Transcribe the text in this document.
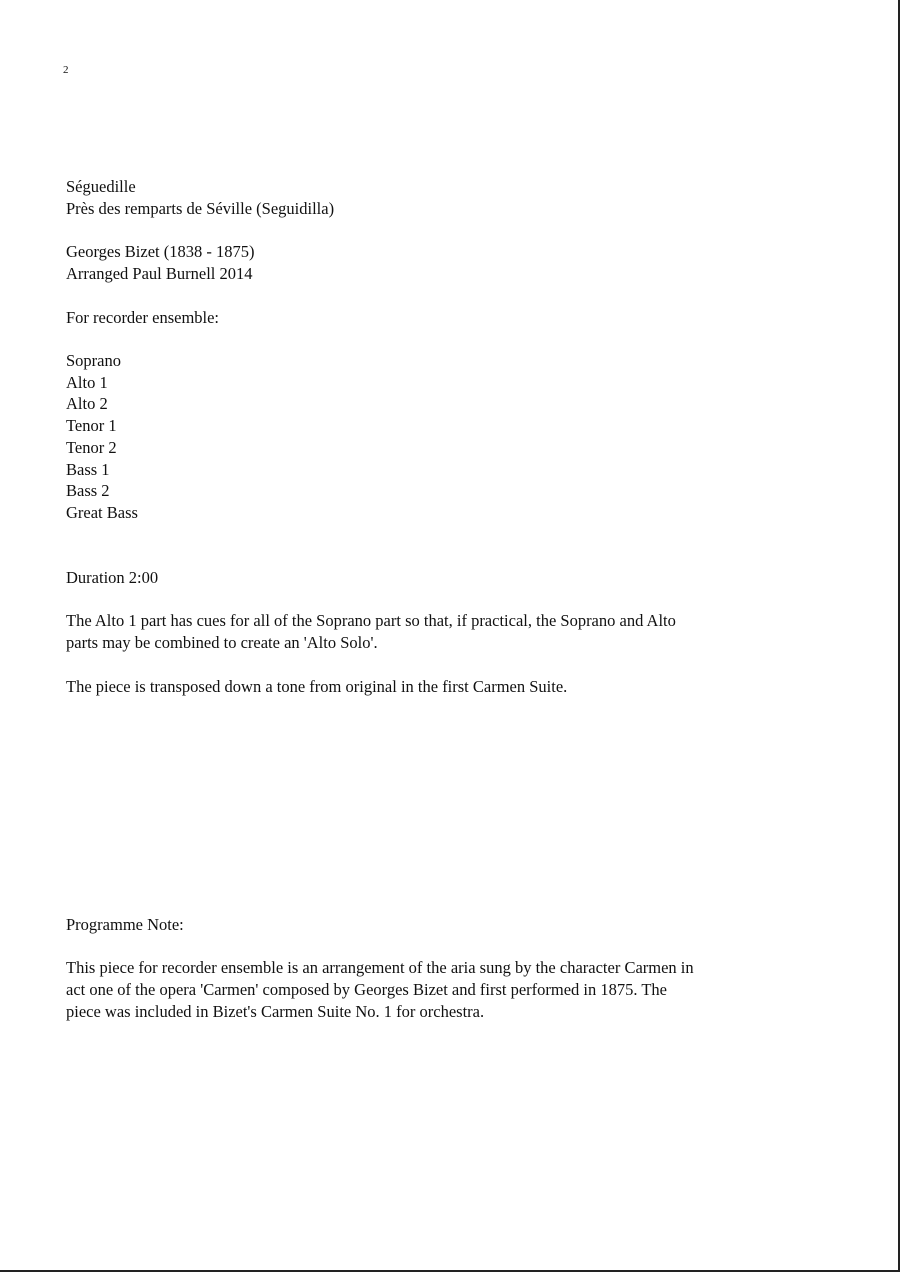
2
Séguedille
Près des remparts de Séville (Seguidilla)
Georges Bizet (1838 - 1875)
Arranged Paul Burnell 2014
For recorder ensemble:
Soprano
Alto 1
Alto 2
Tenor 1
Tenor 2
Bass 1
Bass 2
Great Bass
Duration 2:00
The Alto 1 part has cues for all of the Soprano part so that, if practical, the Soprano and Alto
parts may be combined to create an 'Alto Solo'.
The piece is transposed down a tone from original in the first Carmen Suite.
Programme Note:
This piece for recorder ensemble is an arrangement of the aria sung by the character Carmen in
act one of the opera 'Carmen' composed by Georges Bizet and first performed in 1875. The
piece was included in Bizet's Carmen Suite No. 1 for orchestra.
